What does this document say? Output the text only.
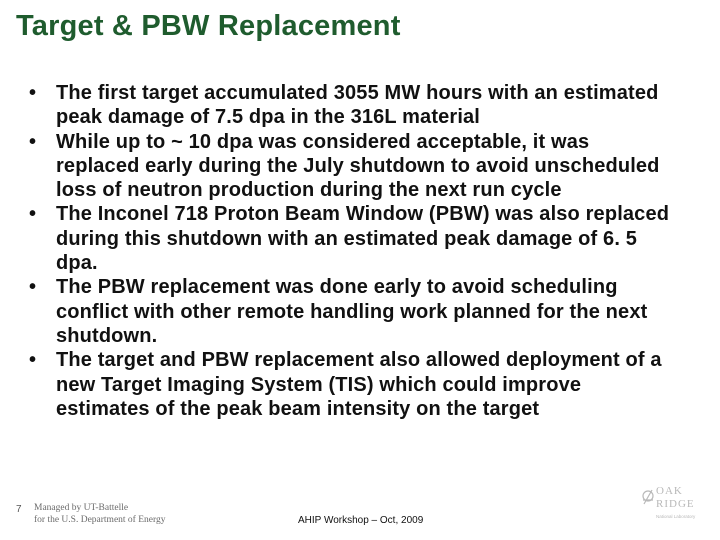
Target & PBW Replacement
• The first target accumulated 3055 MW hours with an estimated peak damage of 7.5 dpa in the 316L material
• While up to ~ 10 dpa was considered acceptable, it was replaced early during the July shutdown to avoid unscheduled loss of neutron production during the next run cycle
• The Inconel 718 Proton Beam Window (PBW) was also replaced during this shutdown with an estimated peak damage of 6. 5 dpa.
• The PBW replacement was done early to avoid scheduling conflict with other remote handling work planned for the next shutdown.
• The target and PBW replacement also allowed deployment of a new Target Imaging System (TIS) which could improve estimates of the peak beam intensity on the target
7 Managed by UT-Battelle
for the U.S. Department of Energy	AHIP Workshop – Oct, 2009
OAK
RIDGE
National Laboratory
